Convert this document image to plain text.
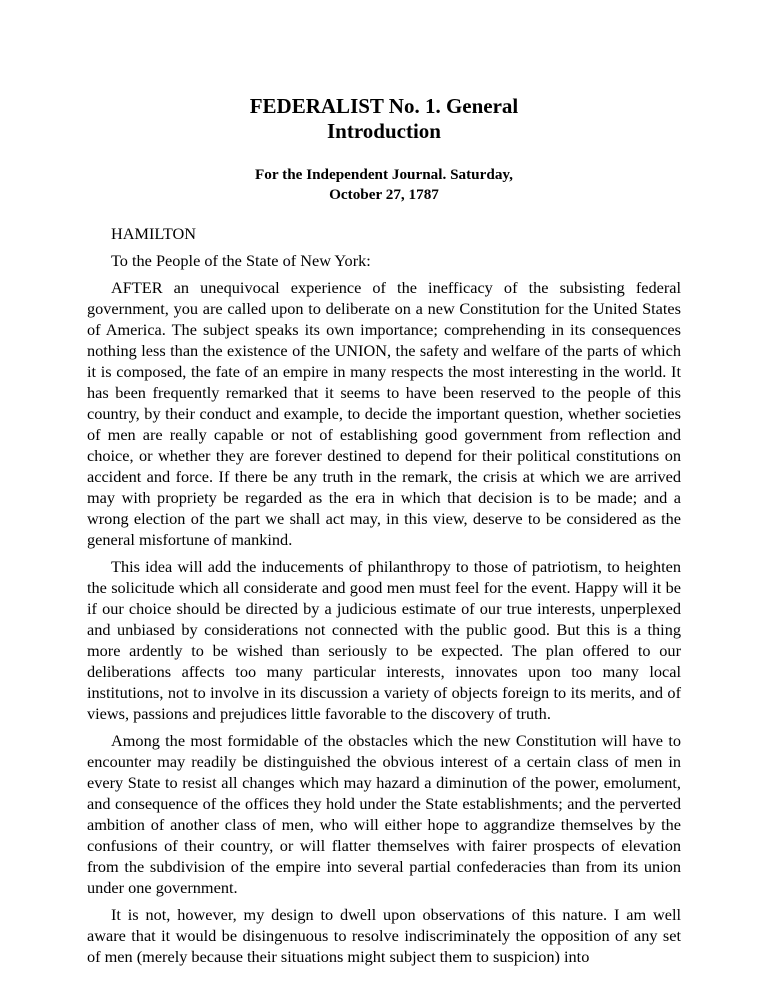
FEDERALIST No. 1. General Introduction
For the Independent Journal. Saturday, October 27, 1787

HAMILTON

To the People of the State of New York:

AFTER an unequivocal experience of the inefficacy of the subsisting federal government, you are called upon to deliberate on a new Constitution for the United States of America. The subject speaks its own importance; comprehending in its consequences nothing less than the existence of the UNION, the safety and welfare of the parts of which it is composed, the fate of an empire in many respects the most interesting in the world. It has been frequently remarked that it seems to have been reserved to the people of this country, by their conduct and example, to decide the important question, whether societies of men are really capable or not of establishing good government from reflection and choice, or whether they are forever destined to depend for their political constitutions on accident and force. If there be any truth in the remark, the crisis at which we are arrived may with propriety be regarded as the era in which that decision is to be made; and a wrong election of the part we shall act may, in this view, deserve to be considered as the general misfortune of mankind.

This idea will add the inducements of philanthropy to those of patriotism, to heighten the solicitude which all considerate and good men must feel for the event. Happy will it be if our choice should be directed by a judicious estimate of our true interests, unperplexed and unbiased by considerations not connected with the public good. But this is a thing more ardently to be wished than seriously to be expected. The plan offered to our deliberations affects too many particular interests, innovates upon too many local institutions, not to involve in its discussion a variety of objects foreign to its merits, and of views, passions and prejudices little favorable to the discovery of truth.

Among the most formidable of the obstacles which the new Constitution will have to encounter may readily be distinguished the obvious interest of a certain class of men in every State to resist all changes which may hazard a diminution of the power, emolument, and consequence of the offices they hold under the State establishments; and the perverted ambition of another class of men, who will either hope to aggrandize themselves by the confusions of their country, or will flatter themselves with fairer prospects of elevation from the subdivision of the empire into several partial confederacies than from its union under one government.

It is not, however, my design to dwell upon observations of this nature. I am well aware that it would be disingenuous to resolve indiscriminately the opposition of any set of men (merely because their situations might subject them to suspicion) into
